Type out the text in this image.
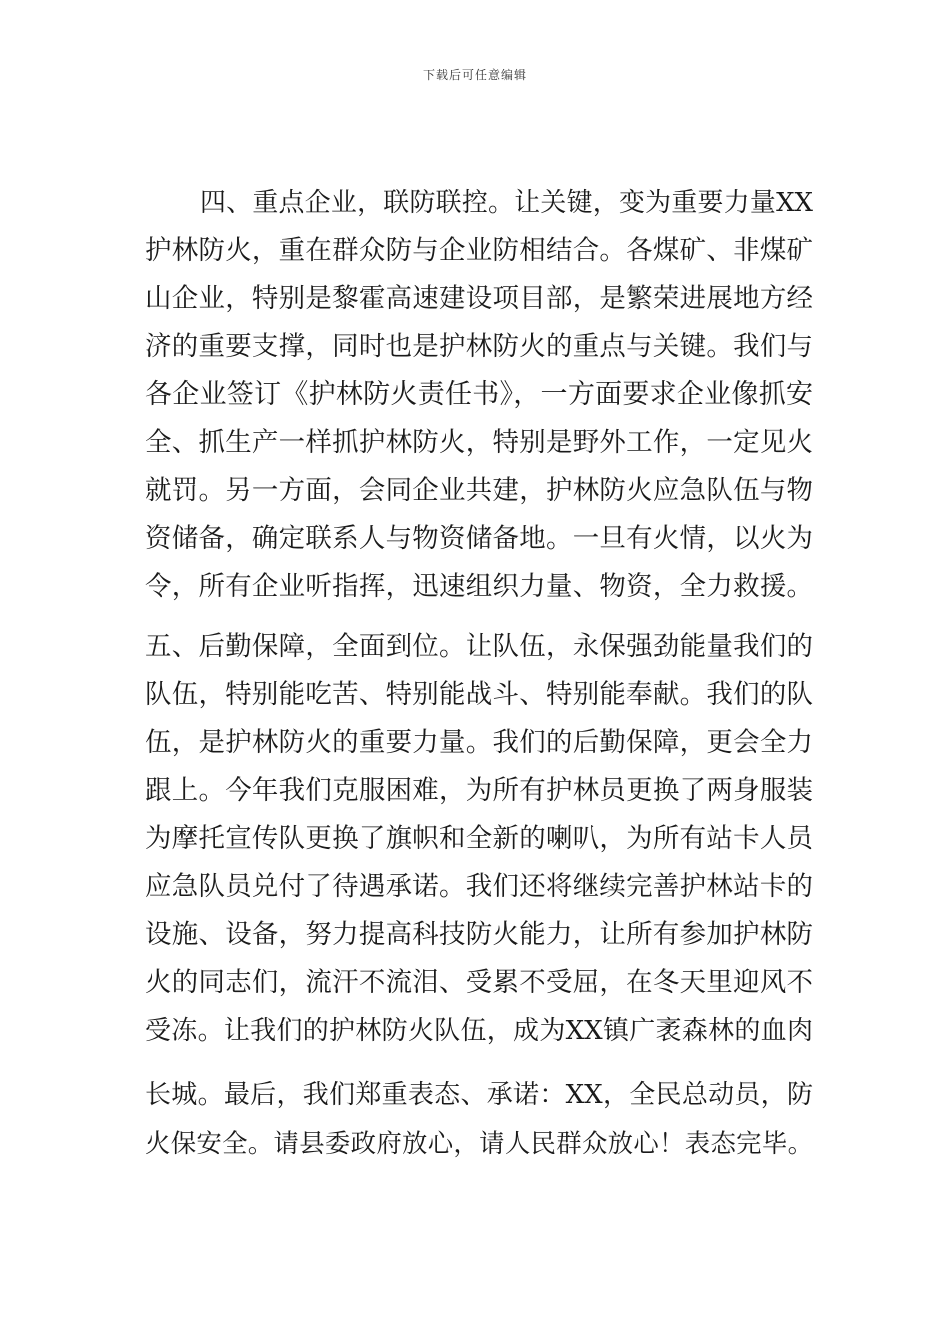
下载后可任意编辑
四、重点企业，联防联控。让关键，变为重要力量XX
护林防火，重在群众防与企业防相结合。各煤矿、非煤矿
山企业，特别是黎霍高速建设项目部，是繁荣进展地方经
济的重要支撑，同时也是护林防火的重点与关键。我们与
各企业签订《护林防火责任书》，一方面要求企业像抓安
全、抓生产一样抓护林防火，特别是野外工作，一定见火
就罚。另一方面，会同企业共建，护林防火应急队伍与物
资储备，确定联系人与物资储备地。一旦有火情，以火为
令，所有企业听指挥，迅速组织力量、物资，全力救援。
五、后勤保障，全面到位。让队伍，永保强劲能量我们的
队伍，特别能吃苦、特别能战斗、特别能奉献。我们的队
伍，是护林防火的重要力量。我们的后勤保障，更会全力
跟上。今年我们克服困难，为所有护林员更换了两身服装
为摩托宣传队更换了旗帜和全新的喇叭，为所有站卡人员
应急队员兑付了待遇承诺。我们还将继续完善护林站卡的
设施、设备，努力提高科技防火能力，让所有参加护林防
火的同志们，流汗不流泪、受累不受屈，在冬天里迎风不
受冻。让我们的护林防火队伍，成为XX镇广袤森林的血肉
长城。最后，我们郑重表态、承诺：XX，全民总动员，防
火保安全。请县委政府放心，请人民群众放心！表态完毕。
